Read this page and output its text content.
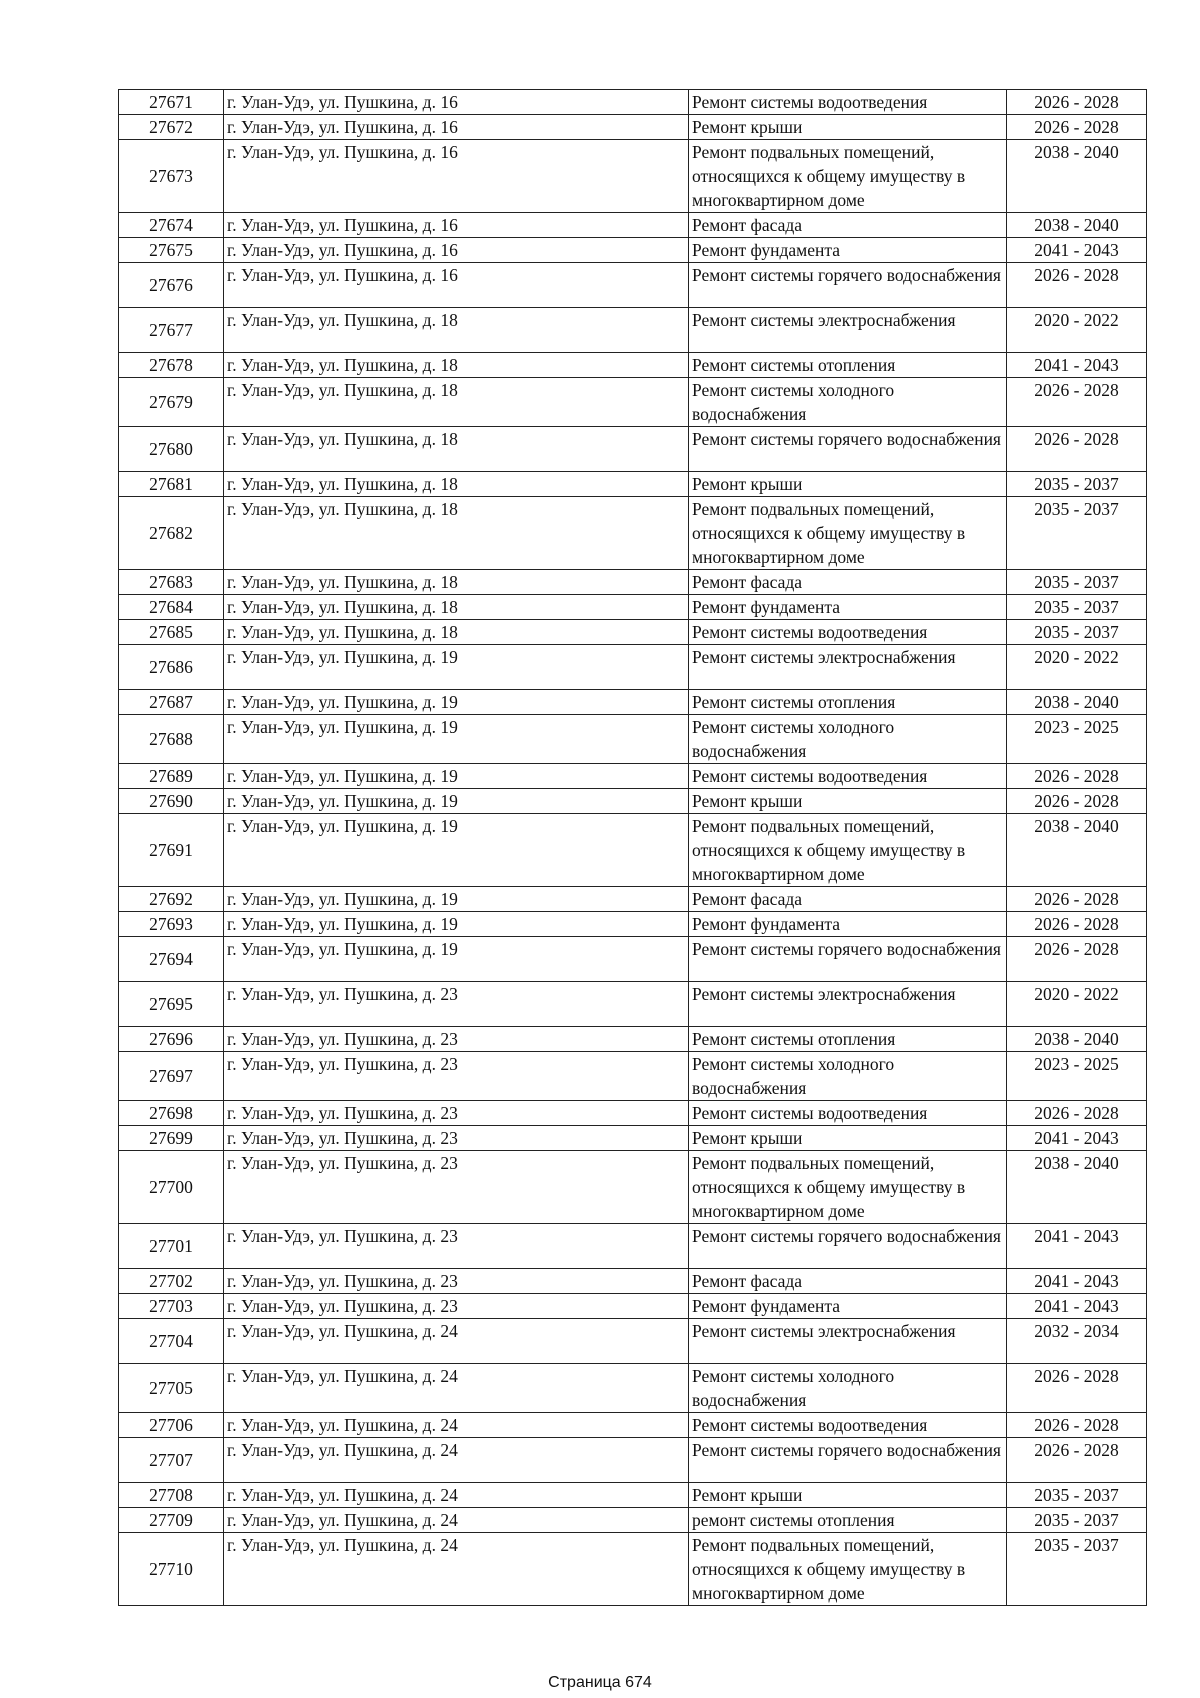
27671	г. Улан-Удэ, ул. Пушкина, д. 16	Ремонт системы водоотведения	2026 - 2028
27672	г. Улан-Удэ, ул. Пушкина, д. 16	Ремонт крыши	2026 - 2028
27673	г. Улан-Удэ, ул. Пушкина, д. 16	Ремонт подвальных помещений, относящихся к общему имуществу в многоквартирном доме	2038 - 2040
27674	г. Улан-Удэ, ул. Пушкина, д. 16	Ремонт фасада	2038 - 2040
27675	г. Улан-Удэ, ул. Пушкина, д. 16	Ремонт фундамента	2041 - 2043
27676	г. Улан-Удэ, ул. Пушкина, д. 16	Ремонт системы горячего водоснабжения	2026 - 2028
27677	г. Улан-Удэ, ул. Пушкина, д. 18	Ремонт системы электроснабжения	2020 - 2022
27678	г. Улан-Удэ, ул. Пушкина, д. 18	Ремонт системы отопления	2041 - 2043
27679	г. Улан-Удэ, ул. Пушкина, д. 18	Ремонт системы холодного водоснабжения	2026 - 2028
27680	г. Улан-Удэ, ул. Пушкина, д. 18	Ремонт системы горячего водоснабжения	2026 - 2028
27681	г. Улан-Удэ, ул. Пушкина, д. 18	Ремонт крыши	2035 - 2037
27682	г. Улан-Удэ, ул. Пушкина, д. 18	Ремонт подвальных помещений, относящихся к общему имуществу в многоквартирном доме	2035 - 2037
27683	г. Улан-Удэ, ул. Пушкина, д. 18	Ремонт фасада	2035 - 2037
27684	г. Улан-Удэ, ул. Пушкина, д. 18	Ремонт фундамента	2035 - 2037
27685	г. Улан-Удэ, ул. Пушкина, д. 18	Ремонт системы водоотведения	2035 - 2037
27686	г. Улан-Удэ, ул. Пушкина, д. 19	Ремонт системы электроснабжения	2020 - 2022
27687	г. Улан-Удэ, ул. Пушкина, д. 19	Ремонт системы отопления	2038 - 2040
27688	г. Улан-Удэ, ул. Пушкина, д. 19	Ремонт системы холодного водоснабжения	2023 - 2025
27689	г. Улан-Удэ, ул. Пушкина, д. 19	Ремонт системы водоотведения	2026 - 2028
27690	г. Улан-Удэ, ул. Пушкина, д. 19	Ремонт крыши	2026 - 2028
27691	г. Улан-Удэ, ул. Пушкина, д. 19	Ремонт подвальных помещений, относящихся к общему имуществу в многоквартирном доме	2038 - 2040
27692	г. Улан-Удэ, ул. Пушкина, д. 19	Ремонт фасада	2026 - 2028
27693	г. Улан-Удэ, ул. Пушкина, д. 19	Ремонт фундамента	2026 - 2028
27694	г. Улан-Удэ, ул. Пушкина, д. 19	Ремонт системы горячего водоснабжения	2026 - 2028
27695	г. Улан-Удэ, ул. Пушкина, д. 23	Ремонт системы электроснабжения	2020 - 2022
27696	г. Улан-Удэ, ул. Пушкина, д. 23	Ремонт системы отопления	2038 - 2040
27697	г. Улан-Удэ, ул. Пушкина, д. 23	Ремонт системы холодного водоснабжения	2023 - 2025
27698	г. Улан-Удэ, ул. Пушкина, д. 23	Ремонт системы водоотведения	2026 - 2028
27699	г. Улан-Удэ, ул. Пушкина, д. 23	Ремонт крыши	2041 - 2043
27700	г. Улан-Удэ, ул. Пушкина, д. 23	Ремонт подвальных помещений, относящихся к общему имуществу в многоквартирном доме	2038 - 2040
27701	г. Улан-Удэ, ул. Пушкина, д. 23	Ремонт системы горячего водоснабжения	2041 - 2043
27702	г. Улан-Удэ, ул. Пушкина, д. 23	Ремонт фасада	2041 - 2043
27703	г. Улан-Удэ, ул. Пушкина, д. 23	Ремонт фундамента	2041 - 2043
27704	г. Улан-Удэ, ул. Пушкина, д. 24	Ремонт системы электроснабжения	2032 - 2034
27705	г. Улан-Удэ, ул. Пушкина, д. 24	Ремонт системы холодного водоснабжения	2026 - 2028
27706	г. Улан-Удэ, ул. Пушкина, д. 24	Ремонт системы водоотведения	2026 - 2028
27707	г. Улан-Удэ, ул. Пушкина, д. 24	Ремонт системы горячего водоснабжения	2026 - 2028
27708	г. Улан-Удэ, ул. Пушкина, д. 24	Ремонт крыши	2035 - 2037
27709	г. Улан-Удэ, ул. Пушкина, д. 24	ремонт системы отопления	2035 - 2037
27710	г. Улан-Удэ, ул. Пушкина, д. 24	Ремонт подвальных помещений, относящихся к общему имуществу в многоквартирном доме	2035 - 2037
Страница 674
